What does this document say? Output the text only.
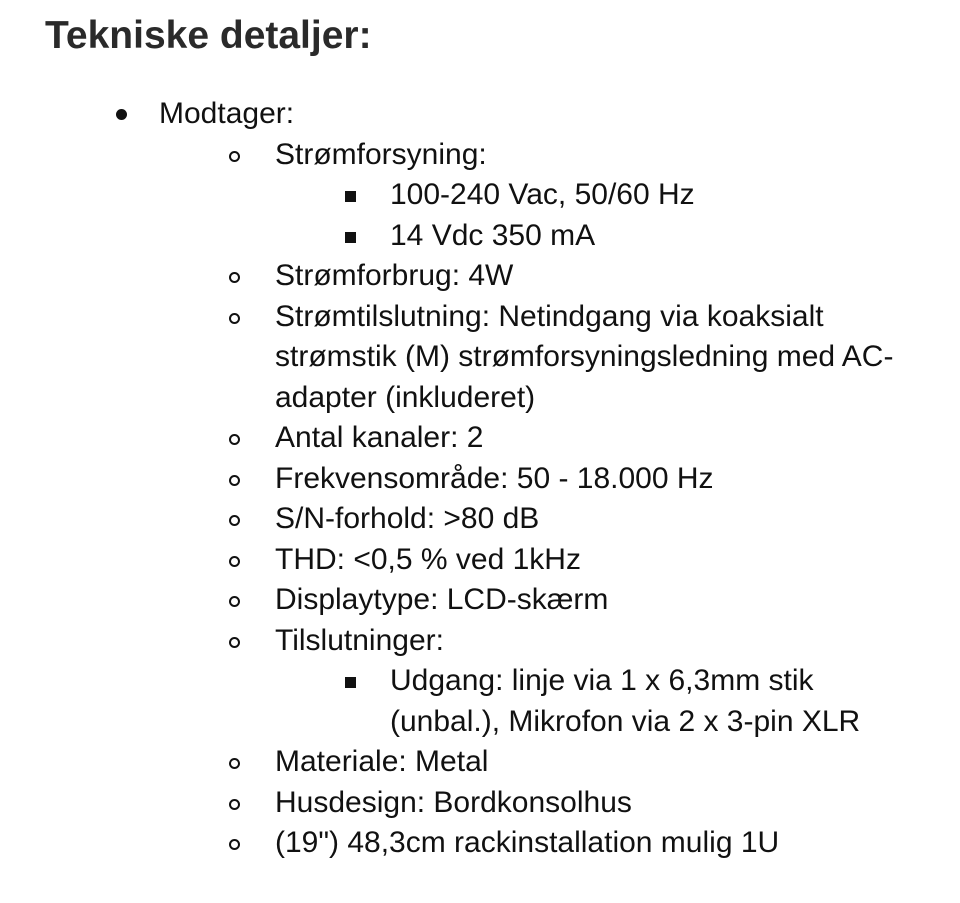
Tekniske detaljer:
Modtager:
Strømforsyning:
100-240 Vac, 50/60 Hz
14 Vdc 350 mA
Strømforbrug: 4W
Strømtilslutning: Netindgang via koaksialt strømstik (M) strømforsyningsledning med AC-adapter (inkluderet)
Antal kanaler: 2
Frekvensområde: 50 - 18.000 Hz
S/N-forhold: >80 dB
THD: <0,5 % ved 1kHz
Displaytype: LCD-skærm
Tilslutninger:
Udgang: linje via 1 x 6,3mm stik (unbal.), Mikrofon via 2 x 3-pin XLR
Materiale: Metal
Husdesign: Bordkonsolhus
(19") 48,3cm rackinstallation mulig 1U
